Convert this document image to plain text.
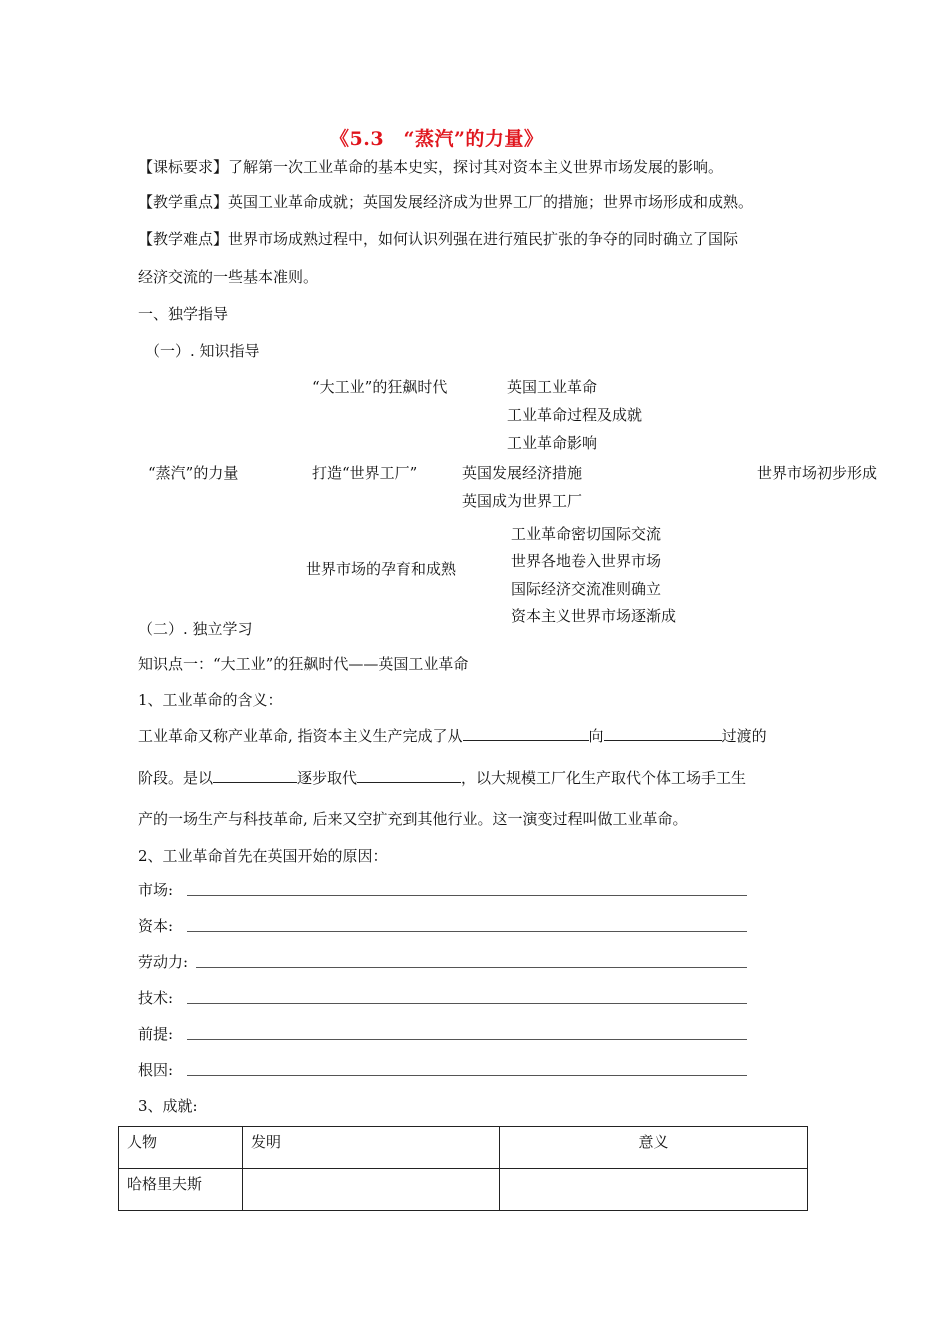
《5.3　“蒸汽”的力量》
【课标要求】了解第一次工业革命的基本史实，探讨其对资本主义世界市场发展的影响。
【教学重点】英国工业革命成就；英国发展经济成为世界工厂的措施；世界市场形成和成熟。
【教学难点】世界市场成熟过程中，如何认识列强在进行殖民扩张的争夺的同时确立了国际
经济交流的一些基本准则。
一、独学指导
（一）. 知识指导
“大工业”的狂飙时代	英国工业革命
工业革命过程及成就
工业革命影响
“蒸汽”的力量	打造“世界工厂”	英国发展经济措施	世界市场初步形成
英国成为世界工厂
工业革命密切国际交流
世界各地卷入世界市场
世界市场的孕育和成熟
国际经济交流准则确立
资本主义世界市场逐渐成
（二）. 独立学习
知识点一：“大工业”的狂飙时代——英国工业革命
1、工业革命的含义：
工业革命又称产业革命, 指资本主义生产完成了从	向	过渡的
阶段。是以	逐步取代	，以大规模工厂化生产取代个体工场手工生
产的一场生产与科技革命, 后来又空扩充到其他行业。这一演变过程叫做工业革命。
2、工业革命首先在英国开始的原因：
市场:
资本:
劳动力:
技术:
前提:
根因:
3、成就:
人物	发明	意义
哈格里夫斯		
